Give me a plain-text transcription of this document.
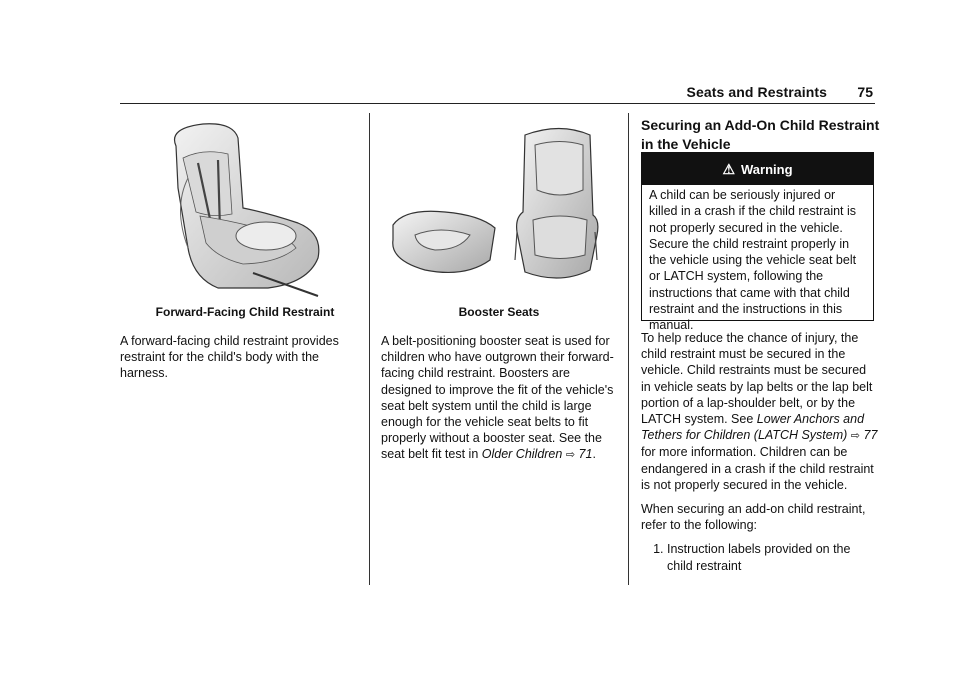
Seats and Restraints 75
Forward-Facing Child Restraint

A forward-facing child restraint provides restraint for the child's body with the harness.

Booster Seats

A belt-positioning booster seat is used for children who have outgrown their forward-facing child restraint. Boosters are designed to improve the fit of the vehicle's seat belt system until the child is large enough for the vehicle seat belts to fit properly without a booster seat. See the seat belt fit test in Older Children ⇨ 71.

Securing an Add-On Child Restraint in the Vehicle
⚠ Warning
A child can be seriously injured or killed in a crash if the child restraint is not properly secured in the vehicle. Secure the child restraint properly in the vehicle using the vehicle seat belt or LATCH system, following the instructions that came with that child restraint and the instructions in this manual.

To help reduce the chance of injury, the child restraint must be secured in the vehicle. Child restraints must be secured in vehicle seats by lap belts or the lap belt portion of a lap-shoulder belt, or by the LATCH system. See Lower Anchors and Tethers for Children (LATCH System) ⇨ 77 for more information. Children can be endangered in a crash if the child restraint is not properly secured in the vehicle.

When securing an add-on child restraint, refer to the following:

1. Instruction labels provided on the child restraint
